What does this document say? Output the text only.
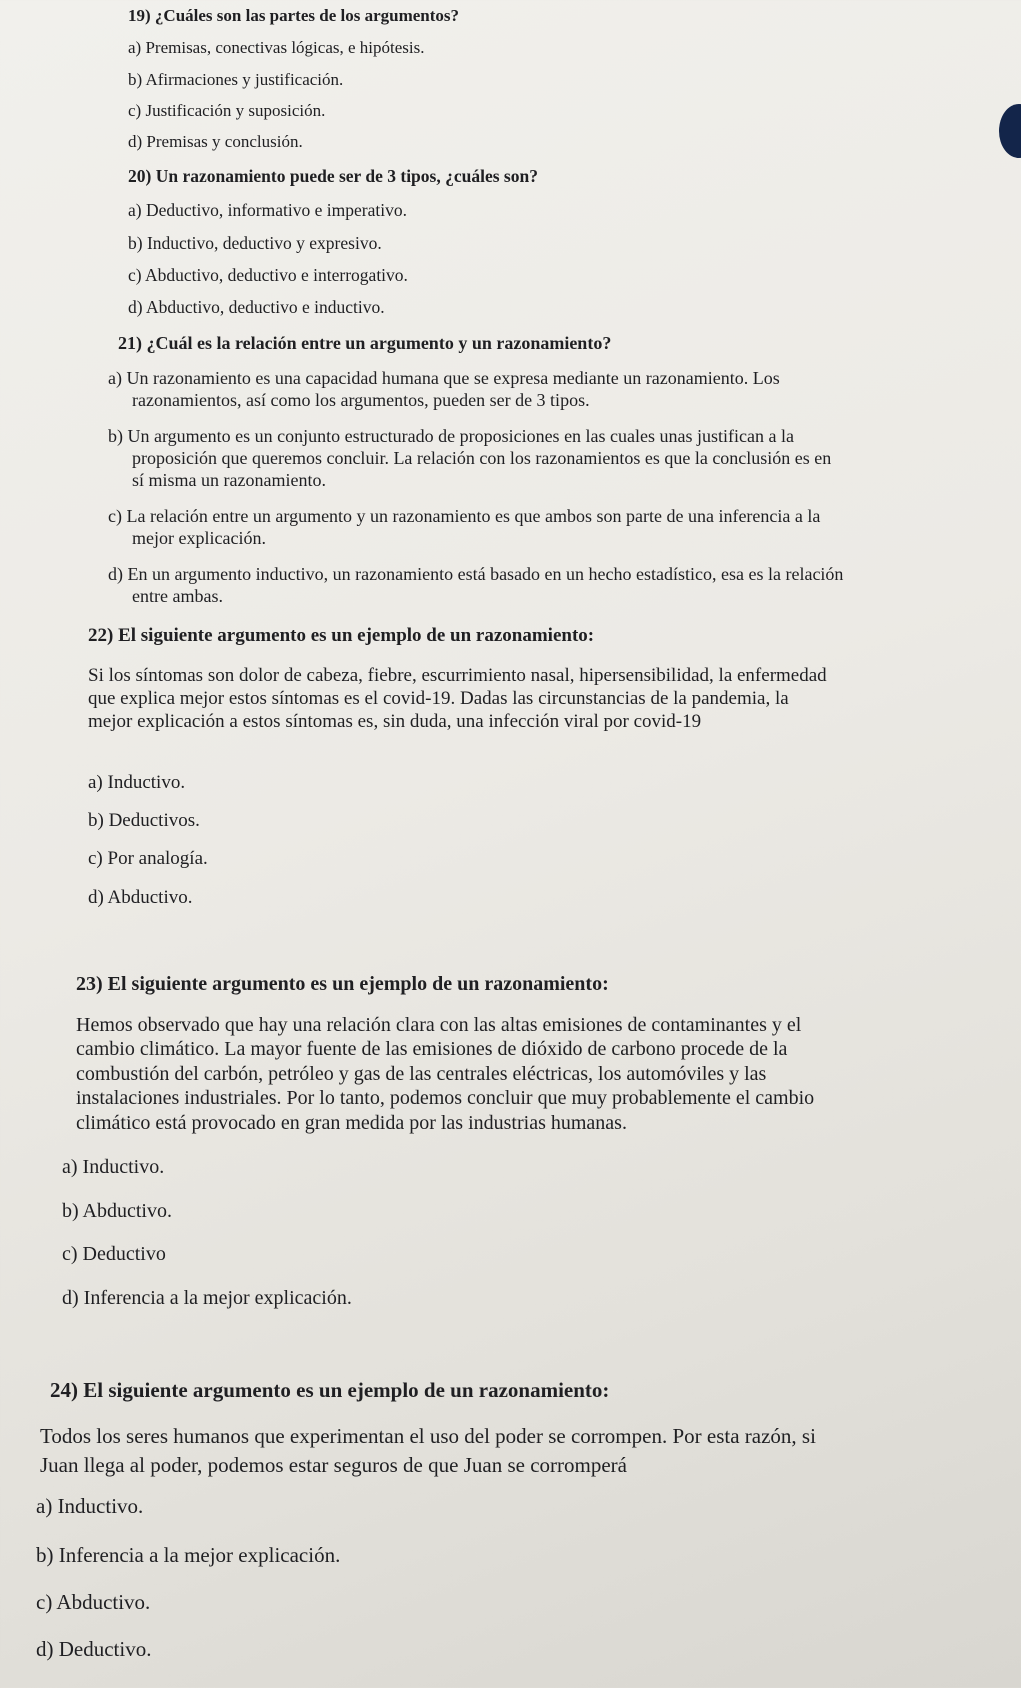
19) ¿Cuáles son las partes de los argumentos?
a) Premisas, conectivas lógicas, e hipótesis.
b) Afirmaciones y justificación.
c) Justificación y suposición.
d) Premisas y conclusión.
20) Un razonamiento puede ser de 3 tipos, ¿cuáles son?
a) Deductivo, informativo e imperativo.
b) Inductivo, deductivo y expresivo.
c) Abductivo, deductivo e interrogativo.
d) Abductivo, deductivo e inductivo.
21) ¿Cuál es la relación entre un argumento y un razonamiento?
a) Un razonamiento es una capacidad humana que se expresa mediante un razonamiento. Los razonamientos, así como los argumentos, pueden ser de 3 tipos.
b) Un argumento es un conjunto estructurado de proposiciones en las cuales unas justifican a la proposición que queremos concluir. La relación con los razonamientos es que la conclusión es en sí misma un razonamiento.
c) La relación entre un argumento y un razonamiento es que ambos son parte de una inferencia a la mejor explicación.
d) En un argumento inductivo, un razonamiento está basado en un hecho estadístico, esa es la relación entre ambas.
22) El siguiente argumento es un ejemplo de un razonamiento:
Si los síntomas son dolor de cabeza, fiebre, escurrimiento nasal, hipersensibilidad, la enfermedad que explica mejor estos síntomas es el covid-19. Dadas las circunstancias de la pandemia, la mejor explicación a estos síntomas es, sin duda, una infección viral por covid-19
a) Inductivo.
b) Deductivos.
c) Por analogía.
d) Abductivo.
23) El siguiente argumento es un ejemplo de un razonamiento:
Hemos observado que hay una relación clara con las altas emisiones de contaminantes y el cambio climático. La mayor fuente de las emisiones de dióxido de carbono procede de la combustión del carbón, petróleo y gas de las centrales eléctricas, los automóviles y las instalaciones industriales. Por lo tanto, podemos concluir que muy probablemente el cambio climático está provocado en gran medida por las industrias humanas.
a) Inductivo.
b) Abductivo.
c) Deductivo
d) Inferencia a la mejor explicación.
24) El siguiente argumento es un ejemplo de un razonamiento:
Todos los seres humanos que experimentan el uso del poder se corrompen. Por esta razón, si Juan llega al poder, podemos estar seguros de que Juan se corromperá
a) Inductivo.
b) Inferencia a la mejor explicación.
c) Abductivo.
d) Deductivo.
